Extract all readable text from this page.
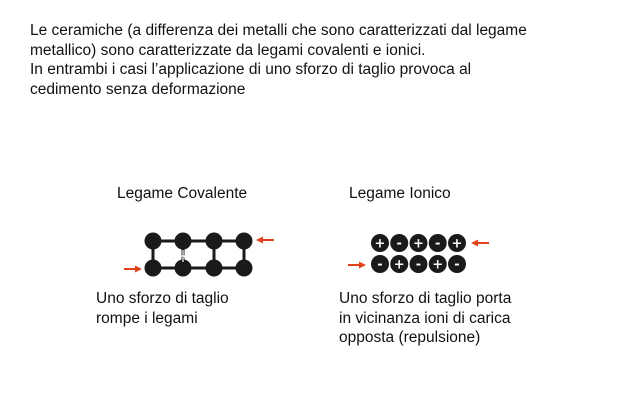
Le ceramiche (a differenza dei metalli che sono caratterizzati dal legame
metallico) sono caratterizzate da legami covalenti e ionici.
In entrambi i casi l’applicazione di uno sforzo di taglio provoca al
cedimento senza deformazione

Legame Covalente	Legame Ionico
+ - + - +
- + - + -

Uno sforzo di taglio
rompe i legami

Uno sforzo di taglio porta
in vicinanza ioni di carica
opposta (repulsione)
